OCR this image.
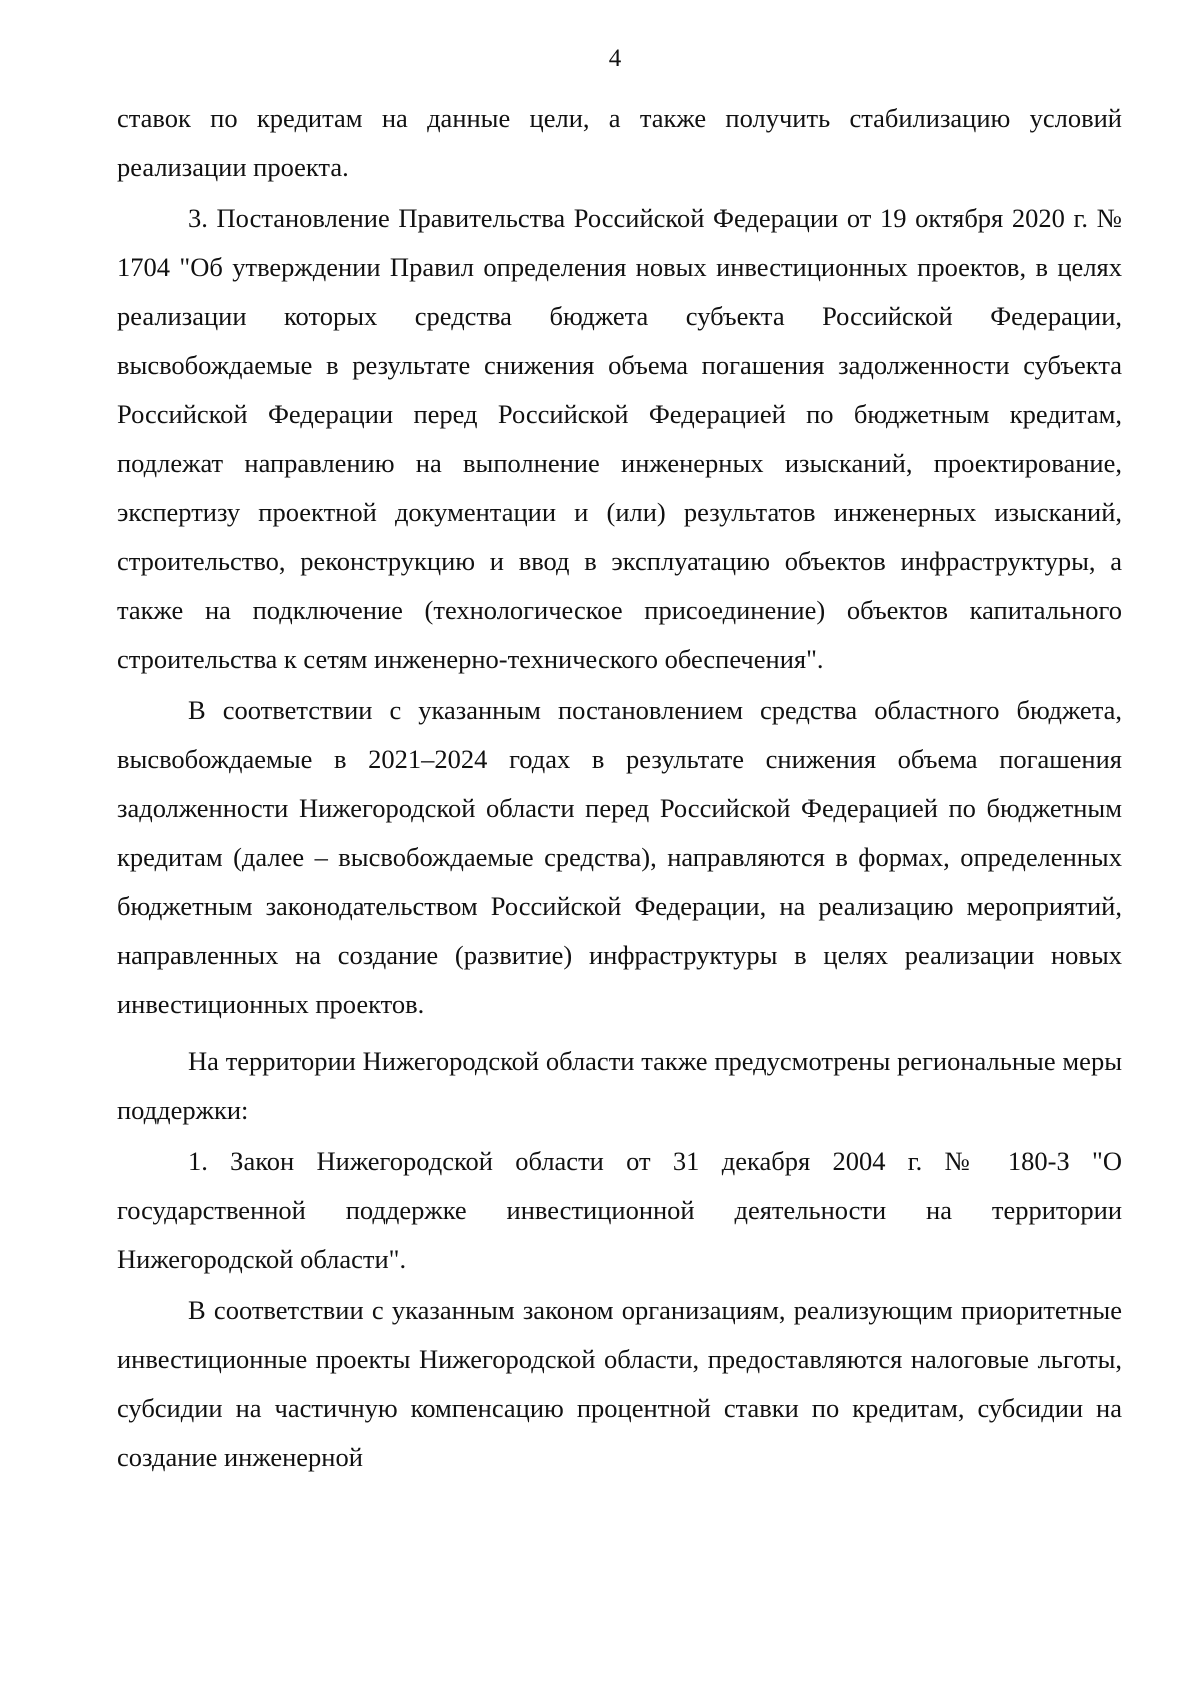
4

ставок по кредитам на данные цели, а также получить стабилизацию условий реализации проекта.

3. Постановление Правительства Российской Федерации от 19 октября 2020 г. № 1704 "Об утверждении Правил определения новых инвестиционных проектов, в целях реализации которых средства бюджета субъекта Российской Федерации, высвобождаемые в результате снижения объема погашения задолженности субъекта Российской Федерации перед Российской Федерацией по бюджетным кредитам, подлежат направлению на выполнение инженерных изысканий, проектирование, экспертизу проектной документации и (или) результатов инженерных изысканий, строительство, реконструкцию и ввод в эксплуатацию объектов инфраструктуры, а также на подключение (технологическое присоединение) объектов капитального строительства к сетям инженерно-технического обеспечения".

В соответствии с указанным постановлением средства областного бюджета, высвобождаемые в 2021–2024 годах в результате снижения объема погашения задолженности Нижегородской области перед Российской Федерацией по бюджетным кредитам (далее – высвобождаемые средства), направляются в формах, определенных бюджетным законодательством Российской Федерации, на реализацию мероприятий, направленных на создание (развитие) инфраструктуры в целях реализации новых инвестиционных проектов.

На территории Нижегородской области также предусмотрены региональные меры поддержки:

1. Закон Нижегородской области от 31 декабря 2004 г. № 180-З "О государственной поддержке инвестиционной деятельности на территории Нижегородской области".

В соответствии с указанным законом организациям, реализующим приоритетные инвестиционные проекты Нижегородской области, предоставляются налоговые льготы, субсидии на частичную компенсацию процентной ставки по кредитам, субсидии на создание инженерной
